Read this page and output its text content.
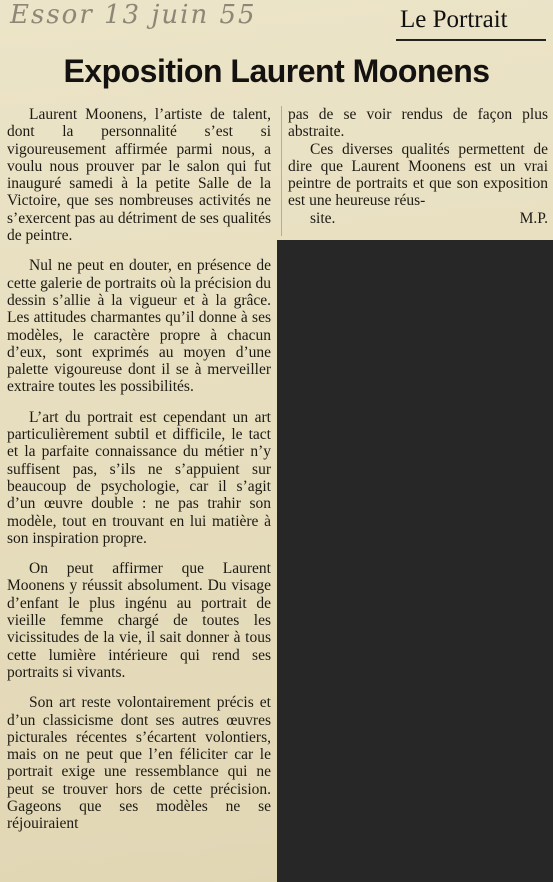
Essor 13 juin 55	Le Portrait

Exposition Laurent Moonens

Laurent Moonens, l’artiste de talent, dont la personnalité s’est si vigoureusement affirmée parmi nous, a voulu nous prouver par le salon qui fut inauguré samedi à la petite Salle de la Victoire, que ses nombreuses activités ne s’exercent pas au détriment de ses qualités de peintre.

Nul ne peut en douter, en présence de cette galerie de portraits où la précision du dessin s’allie à la vigueur et à la grâce. Les attitudes charmantes qu’il donne à ses modèles, le caractère propre à chacun d’eux, sont exprimés au moyen d’une palette vigoureuse dont il se à merveiller extraire toutes les possibilités.

L’art du portrait est cependant un art particulièrement subtil et difficile, le tact et la parfaite connaissance du métier n’y suffisent pas, s’ils ne s’appuient sur beaucoup de psychologie, car il s’agit d’un œuvre double : ne pas trahir son modèle, tout en trouvant en lui matière à son inspiration propre.

On peut affirmer que Laurent Moonens y réussit absolument. Du visage d’enfant le plus ingénu au portrait de vieille femme chargé de toutes les vicissitudes de la vie, il sait donner à tous cette lumière intérieure qui rend ses portraits si vivants.

Son art reste volontairement précis et d’un classicisme dont ses autres œuvres picturales récentes s’écartent volontiers, mais on ne peut que l’en féliciter car le portrait exige une ressemblance qui ne peut se trouver hors de cette précision. Gageons que ses modèles ne se réjouiraient

pas de se voir rendus de façon plus abstraite.

Ces diverses qualités permettent de dire que Laurent Moonens est un vrai peintre de portraits et que son exposition est une heureuse réus-
site.	M.P.
